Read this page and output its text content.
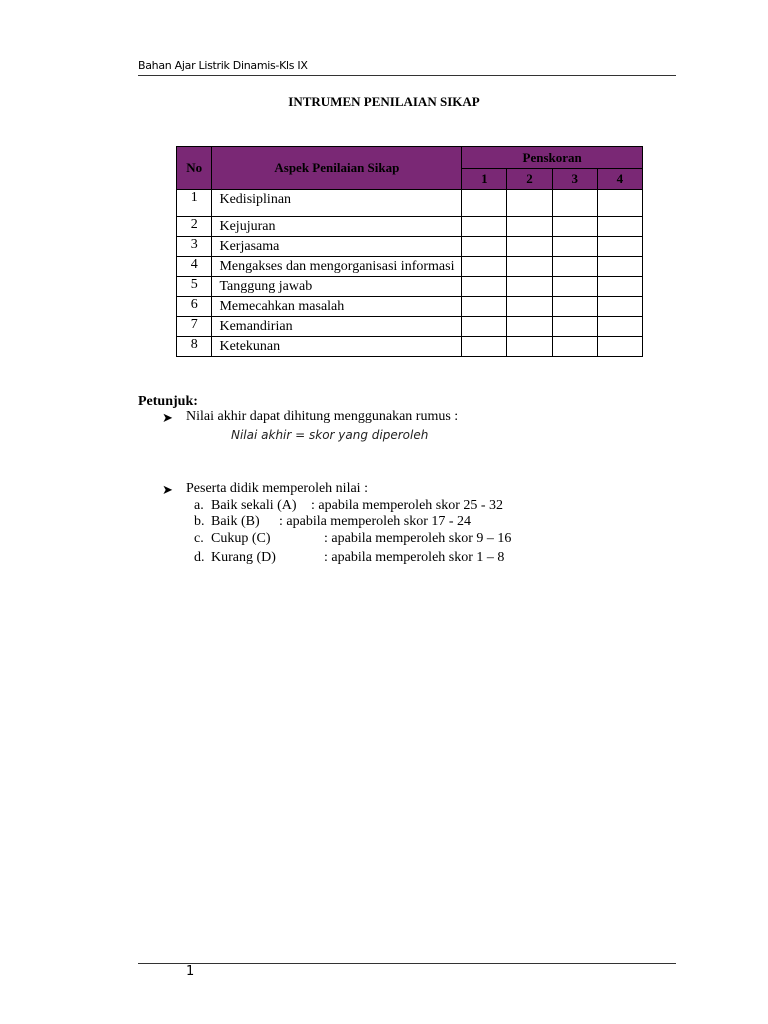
Bahan Ajar Listrik Dinamis-Kls IX
INTRUMEN PENILAIAN SIKAP
No	Aspek Penilaian Sikap	Penskoran			
		1	2	3	4
1	Kedisiplinan				
2	Kejujuran				
3	Kerjasama				
4	Mengakses dan mengorganisasi informasi				
5	Tanggung jawab				
6	Memecahkan masalah				
7	Kemandirian				
8	Ketekunan				
Petunjuk:
➤ Nilai akhir dapat dihitung menggunakan rumus :
Nilai akhir = skor yang diperoleh
➤ Peserta didik memperoleh nilai :
a. Baik sekali (A) : apabila memperoleh skor 25 - 32
b. Baik (B) : apabila memperoleh skor 17 - 24
c. Cukup (C)	: apabila memperoleh skor 9 – 16
d. Kurang (D)	: apabila memperoleh skor 1 – 8
1
